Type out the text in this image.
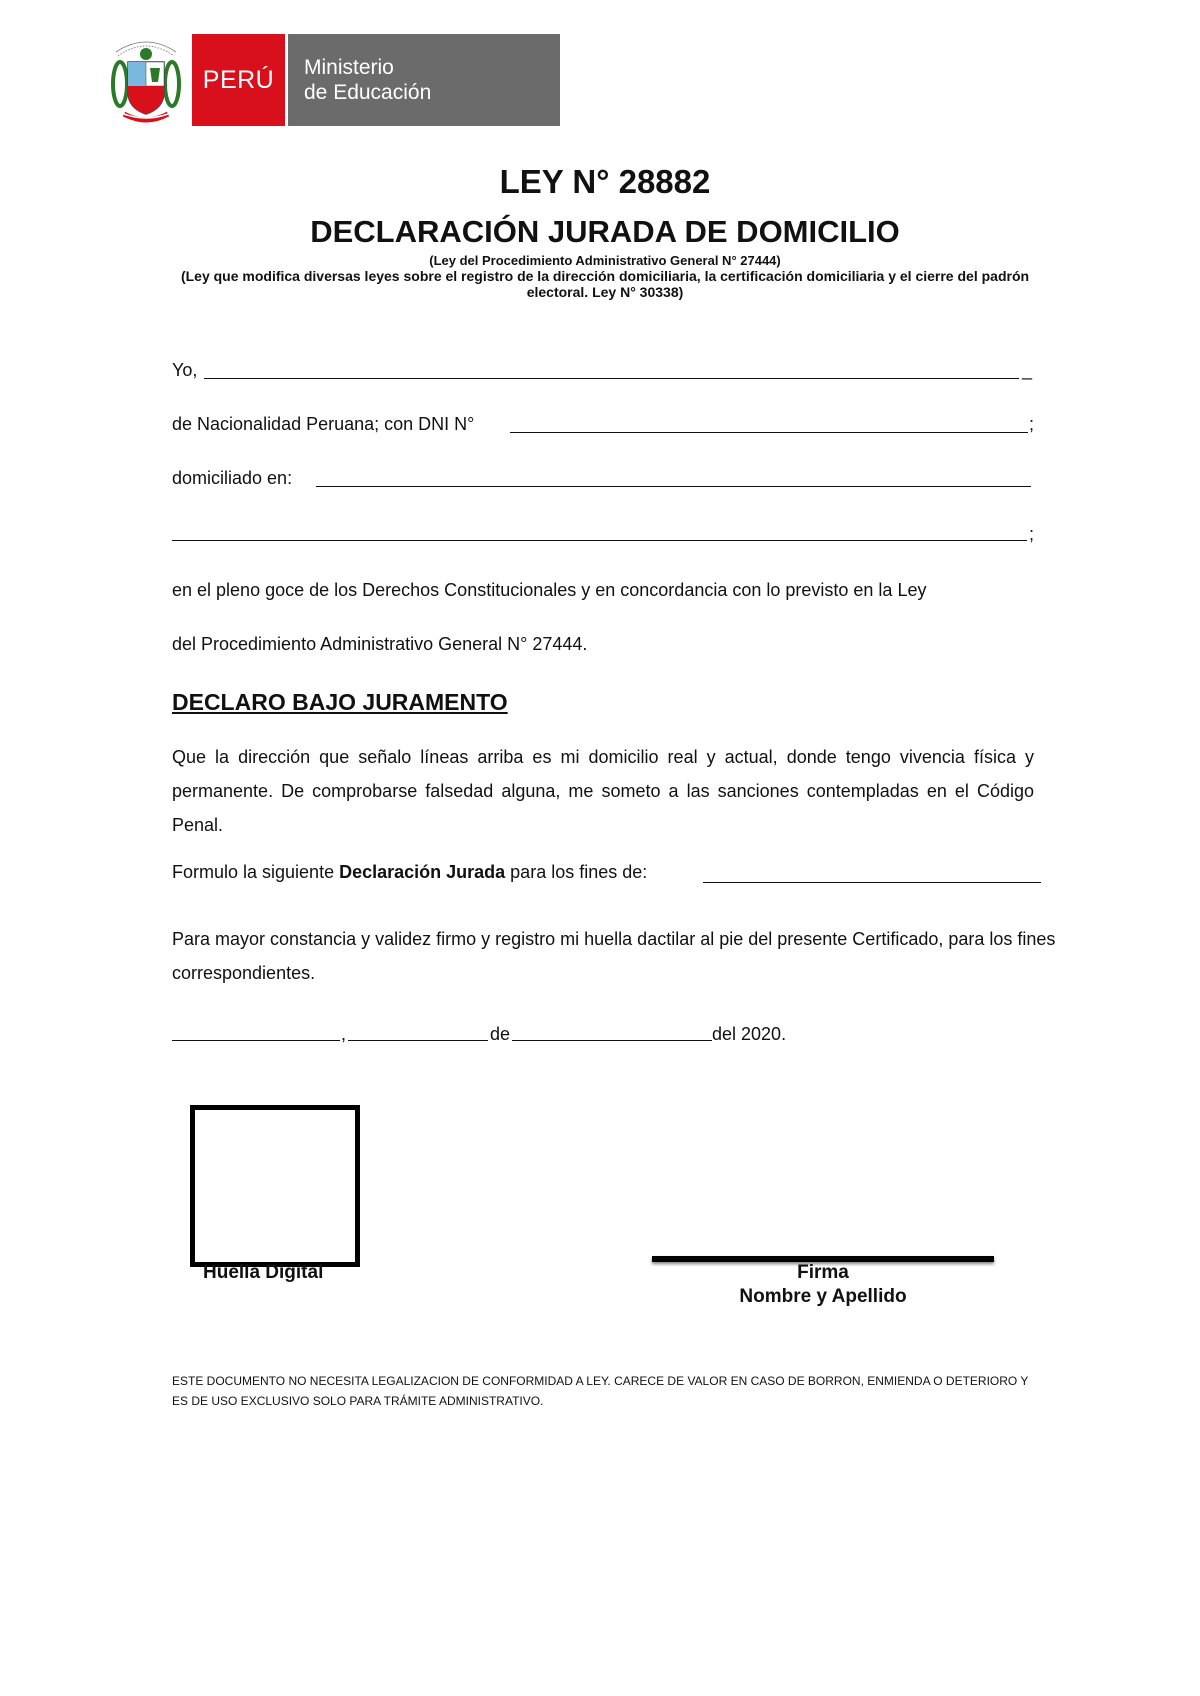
PERÚ	Ministerio
de Educación
LEY N° 28882
DECLARACIÓN JURADA DE DOMICILIO
(Ley del Procedimiento Administrativo General N° 27444)
(Ley que modifica diversas leyes sobre el registro de la dirección domiciliaria, la certificación domiciliaria y el cierre del padrón electoral. Ley N° 30338)
Yo,	_
de Nacionalidad Peruana; con DNI N°	;
domiciliado en:
;
en el pleno goce de los Derechos Constitucionales y en concordancia con lo previsto en la Ley
del Procedimiento Administrativo General N° 27444.
DECLARO BAJO JURAMENTO
Que la dirección que señalo líneas arriba es mi domicilio real y actual, donde tengo vivencia física y permanente. De comprobarse falsedad alguna, me someto a las sanciones contempladas en el Código Penal.
Formulo la siguiente Declaración Jurada para los fines de:
Para mayor constancia y validez firmo y registro mi huella dactilar al pie del presente Certificado, para los fines correspondientes.
,	de	del 2020.
Huella Digital	Firma
Nombre y Apellido
ESTE DOCUMENTO NO NECESITA LEGALIZACION DE CONFORMIDAD A LEY. CARECE DE VALOR EN CASO DE BORRON, ENMIENDA O DETERIORO Y ES DE USO EXCLUSIVO SOLO PARA TRÁMITE ADMINISTRATIVO.
